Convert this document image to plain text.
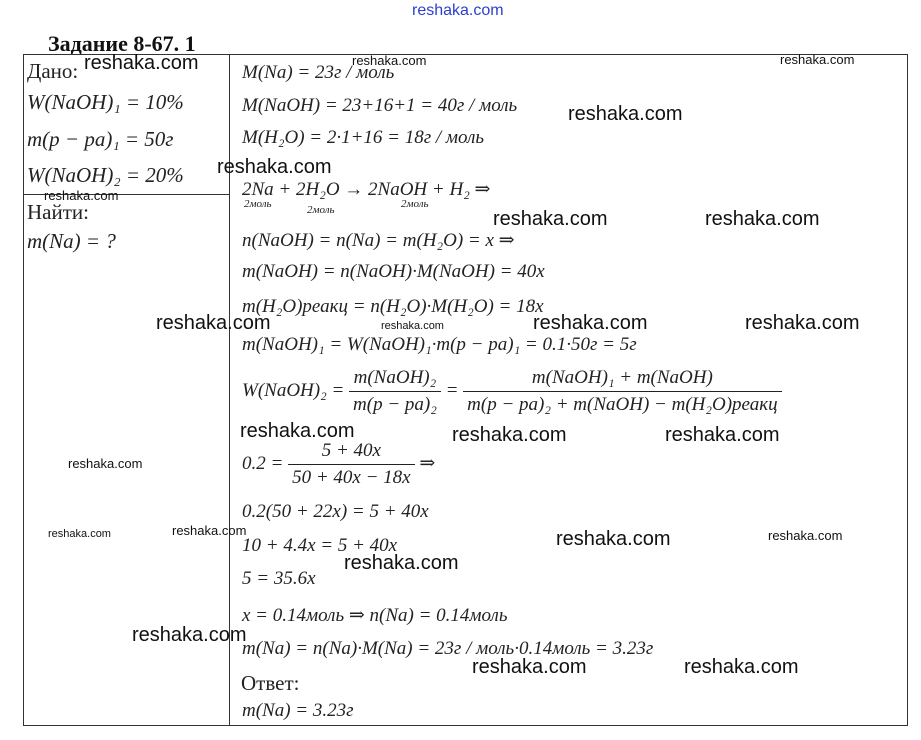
reshaka.com
Задание 8-67. 1
Дано:
W(NaOH)₁ = 10%
m(p − pa)₁ = 50г
W(NaOH)₂ = 20%
Найти:
m(Na) = ?
M(Na) = 23г / моль
M(NaOH) = 23+16+1 = 40г / моль
M(H₂O) = 2·1+16 = 18г / моль
2Na + 2H₂O → 2NaOH + H₂ ⇒
2моль	2моль	2моль
n(NaOH) = n(Na) = m(H₂O) = x ⇒
m(NaOH) = n(NaOH)·M(NaOH) = 40x
m(H₂O)реакц = n(H₂O)·M(H₂O) = 18x
m(NaOH)₁ = W(NaOH)₁·m(p − pa)₁ = 0.1·50г = 5г
W(NaOH)₂ = $\frac{\text{m(NaOH)₂}}{\text{m(p − pa)₂}} = \frac{\text{m(NaOH)₁ + m(NaOH)}}{\text{m(p − pa)₂ + m(NaOH) − m(H₂O)реакц}}$
$0.2 = \frac{5 + 40x}{50 + 40x - 18x}$ ⇒
0.2(50 + 22x) = 5 + 40x
10 + 4.4x = 5 + 40x
5 = 35.6x
x = 0.14моль ⇒ n(Na) = 0.14моль
m(Na) = n(Na)·M(Na) = 23г / моль·0.14моль = 3.23г
Ответ:
m(Na) = 3.23г
reshaka.com	reshaka.com	reshaka.com
reshaka.com
reshaka.com
reshaka.com
reshaka.com	reshaka.com
reshaka.com	reshaka.com	reshaka.com	reshaka.com
reshaka.com	reshaka.com	reshaka.com
reshaka.com
reshaka.com	reshaka.com	reshaka.com	reshaka.com
reshaka.com
reshaka.com
reshaka.com	reshaka.com
